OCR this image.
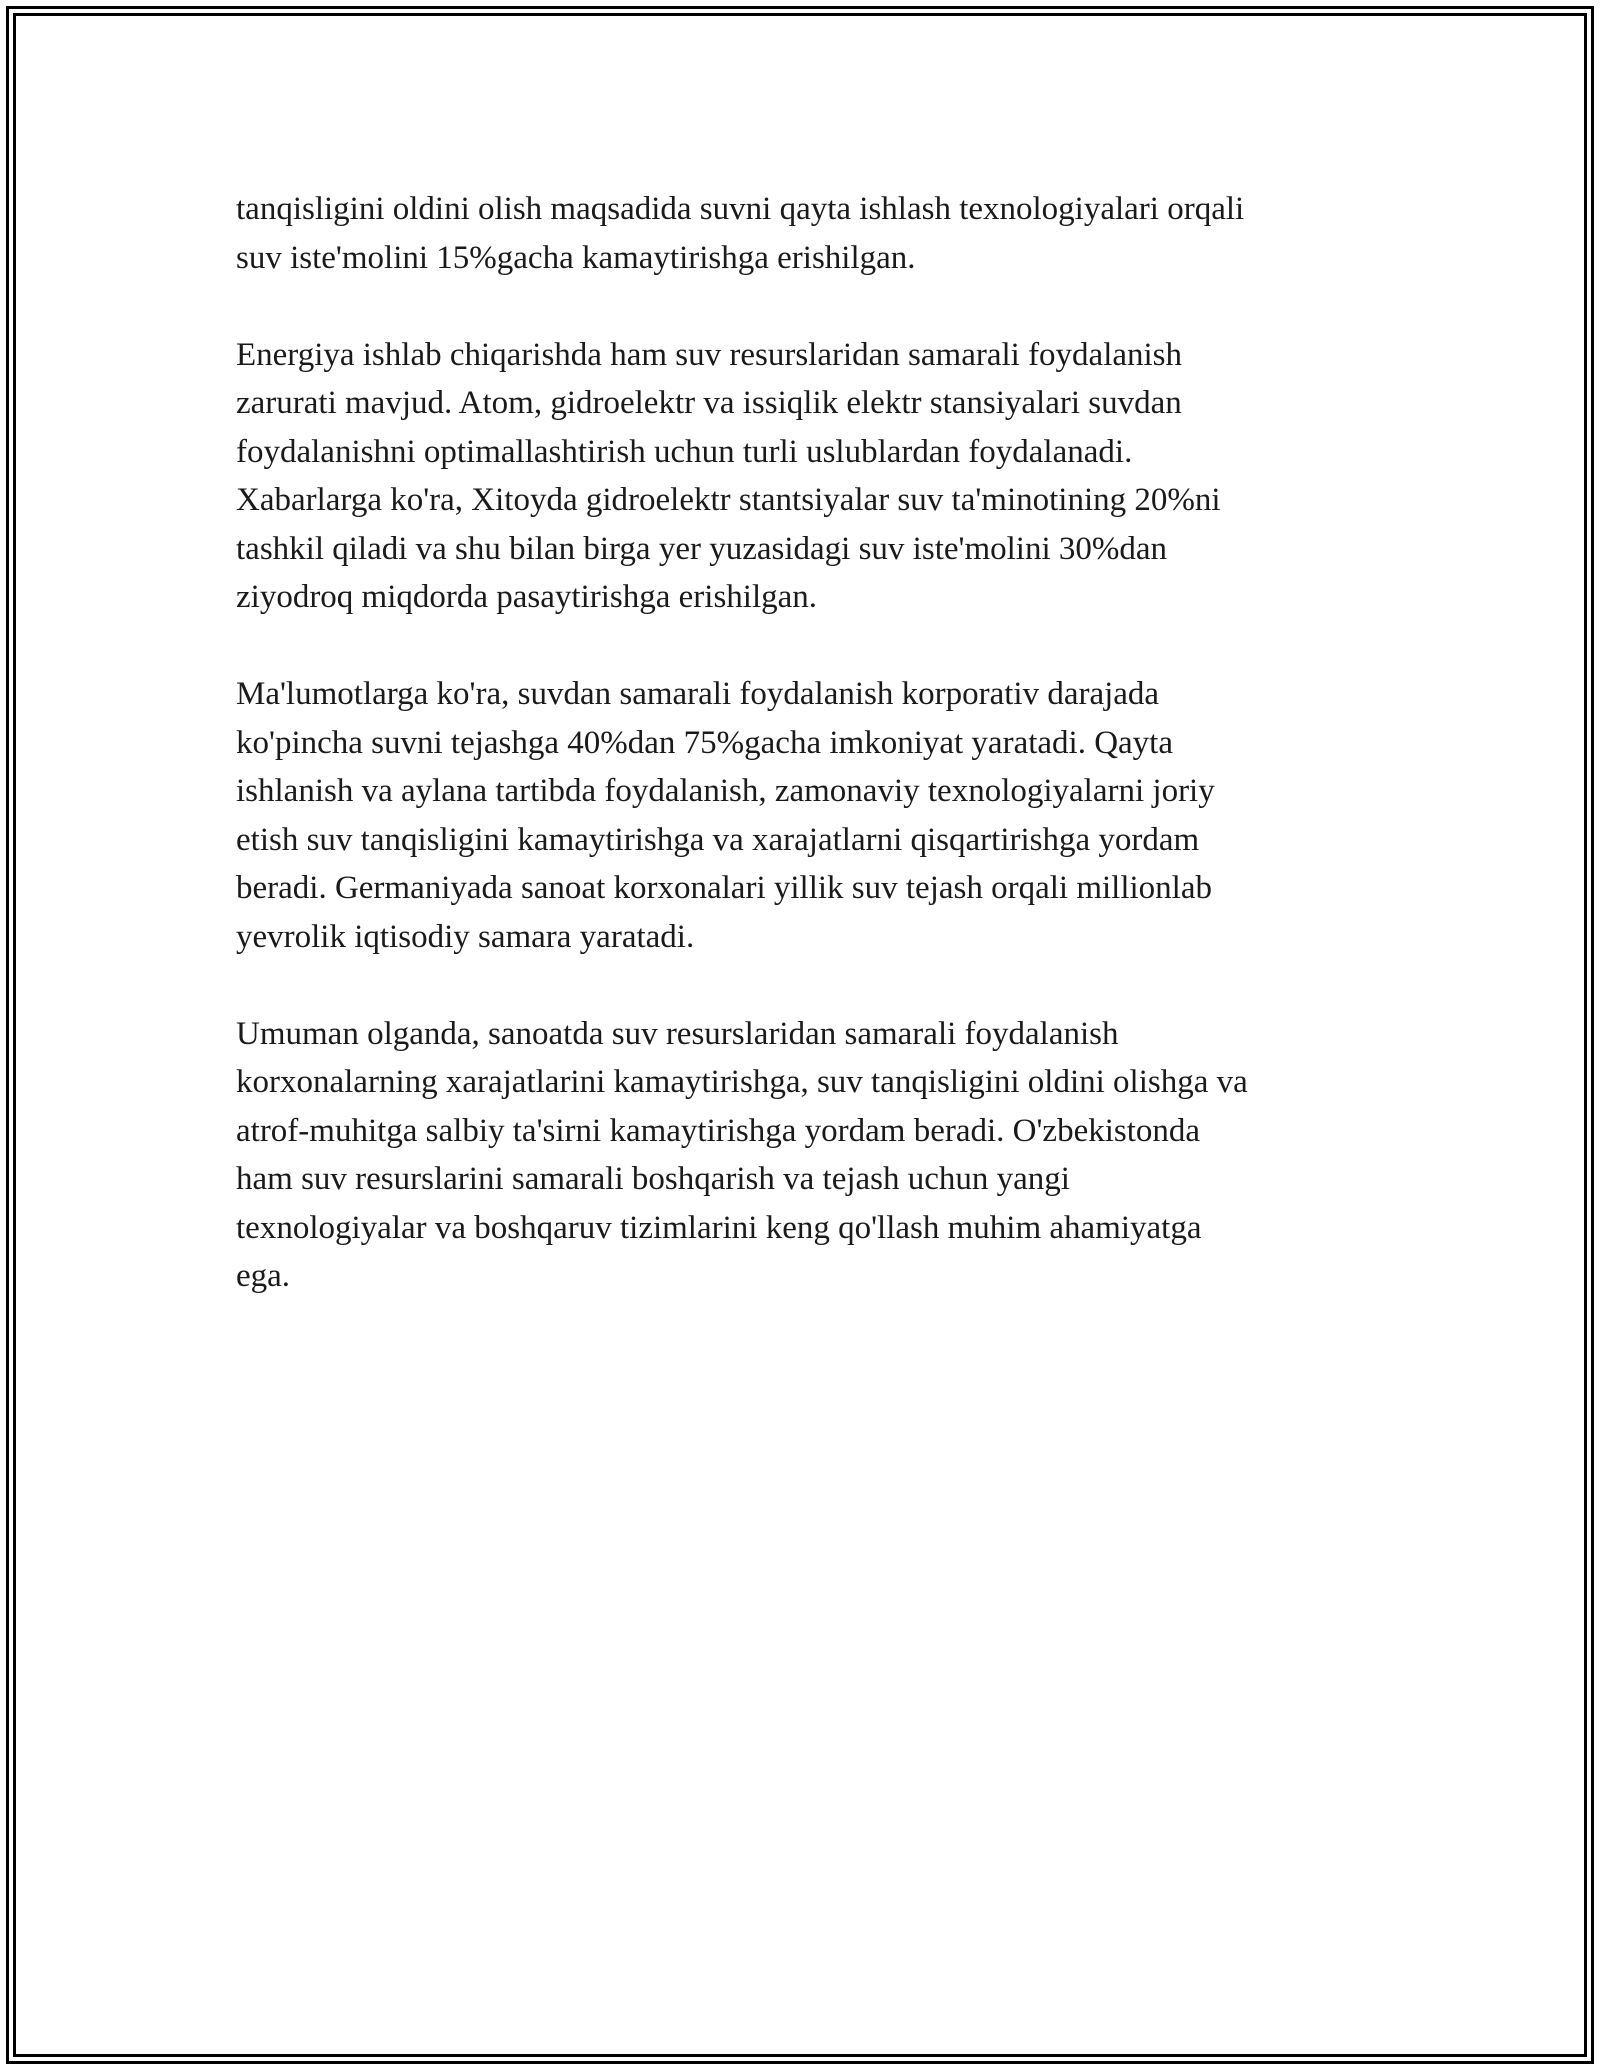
tanqisligini oldini olish maqsadida suvni qayta ishlash texnologiyalari orqali
suv iste'molini 15%gacha kamaytirishga erishilgan.

Energiya ishlab chiqarishda ham suv resurslaridan samarali foydalanish
zarurati mavjud. Atom, gidroelektr va issiqlik elektr stansiyalari suvdan
foydalanishni optimallashtirish uchun turli uslublardan foydalanadi.
Xabarlarga ko'ra, Xitoyda gidroelektr stantsiyalar suv ta'minotining 20%ni
tashkil qiladi va shu bilan birga yer yuzasidagi suv iste'molini 30%dan
ziyodroq miqdorda pasaytirishga erishilgan.

Ma'lumotlarga ko'ra, suvdan samarali foydalanish korporativ darajada
ko'pincha suvni tejashga 40%dan 75%gacha imkoniyat yaratadi. Qayta
ishlanish va aylana tartibda foydalanish, zamonaviy texnologiyalarni joriy
etish suv tanqisligini kamaytirishga va xarajatlarni qisqartirishga yordam
beradi. Germaniyada sanoat korxonalari yillik suv tejash orqali millionlab
yevrolik iqtisodiy samara yaratadi.

Umuman olganda, sanoatda suv resurslaridan samarali foydalanish
korxonalarning xarajatlarini kamaytirishga, suv tanqisligini oldini olishga va
atrof-muhitga salbiy ta'sirni kamaytirishga yordam beradi. O'zbekistonda
ham suv resurslarini samarali boshqarish va tejash uchun yangi
texnologiyalar va boshqaruv tizimlarini keng qo'llash muhim ahamiyatga
ega.
